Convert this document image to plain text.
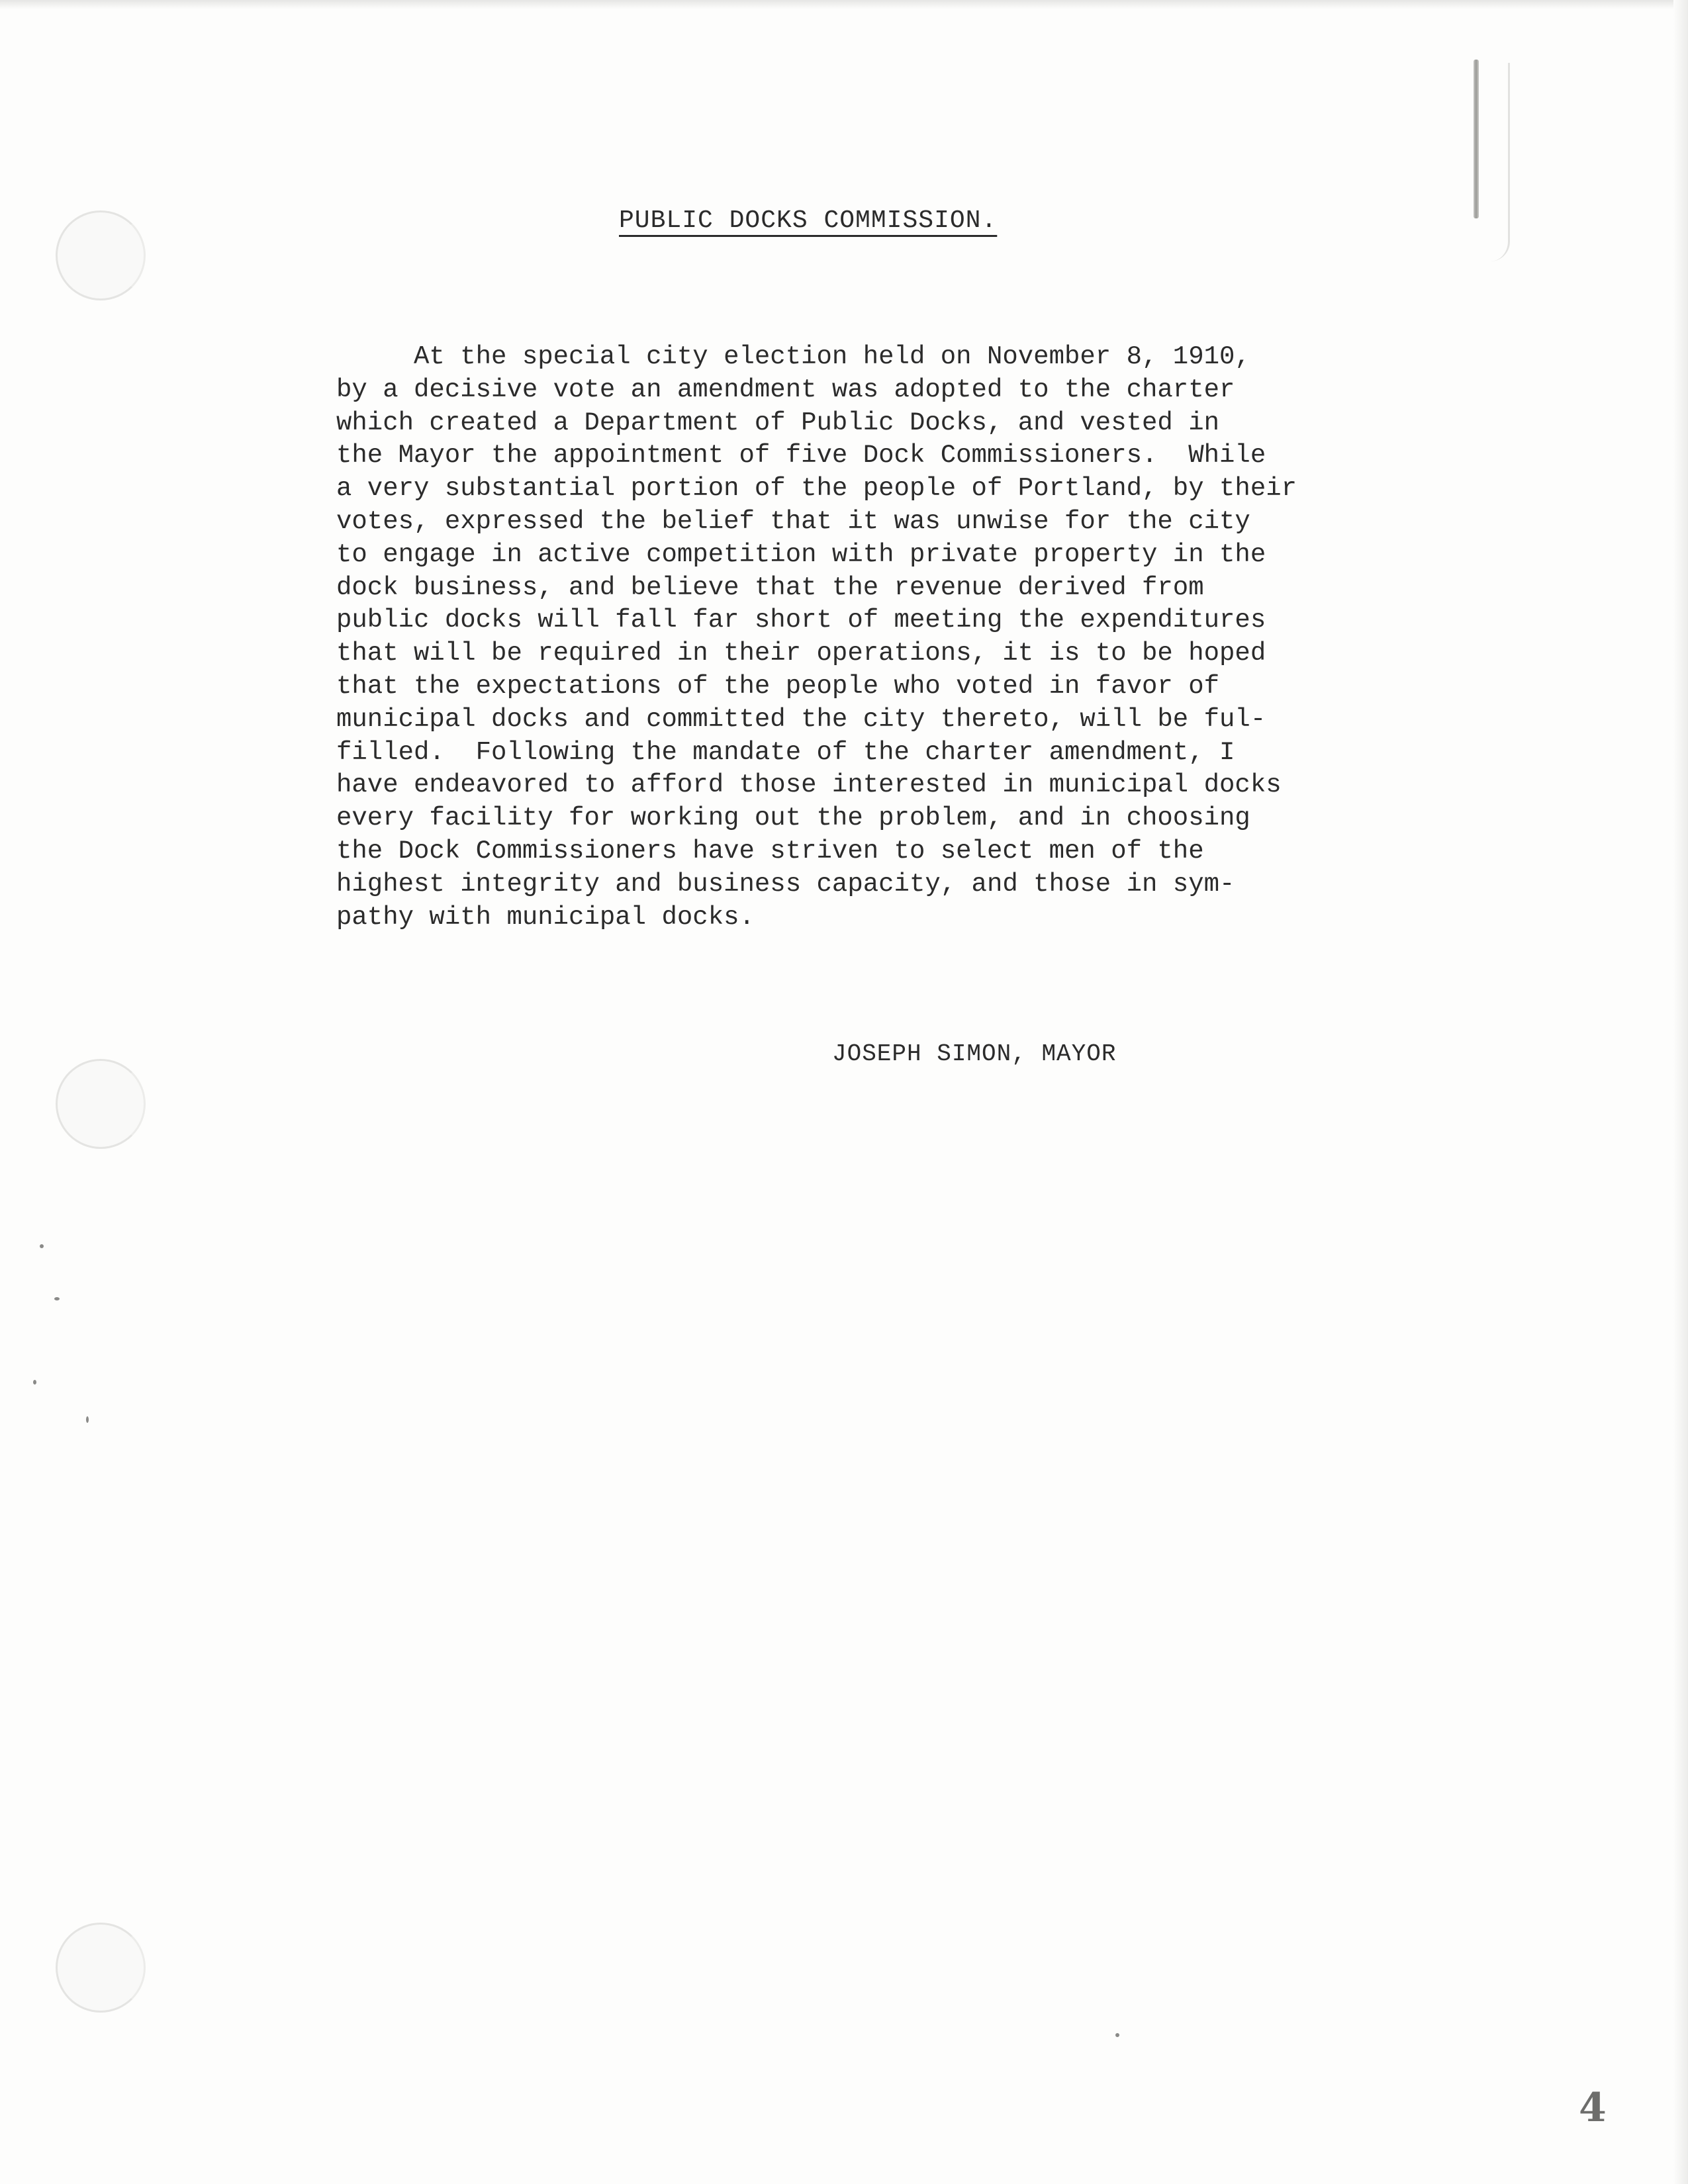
PUBLIC DOCKS COMMISSION.
At the special city election held on November 8, 1910,
by a decisive vote an amendment was adopted to the charter
which created a Department of Public Docks, and vested in
the Mayor the appointment of five Dock Commissioners.  While
a very substantial portion of the people of Portland, by their
votes, expressed the belief that it was unwise for the city
to engage in active competition with private property in the
dock business, and believe that the revenue derived from
public docks will fall far short of meeting the expenditures
that will be required in their operations, it is to be hoped
that the expectations of the people who voted in favor of
municipal docks and committed the city thereto, will be ful-
filled.  Following the mandate of the charter amendment, I
have endeavored to afford those interested in municipal docks
every facility for working out the problem, and in choosing
the Dock Commissioners have striven to select men of the
highest integrity and business capacity, and those in sym-
pathy with municipal docks.
JOSEPH SIMON, MAYOR
4
